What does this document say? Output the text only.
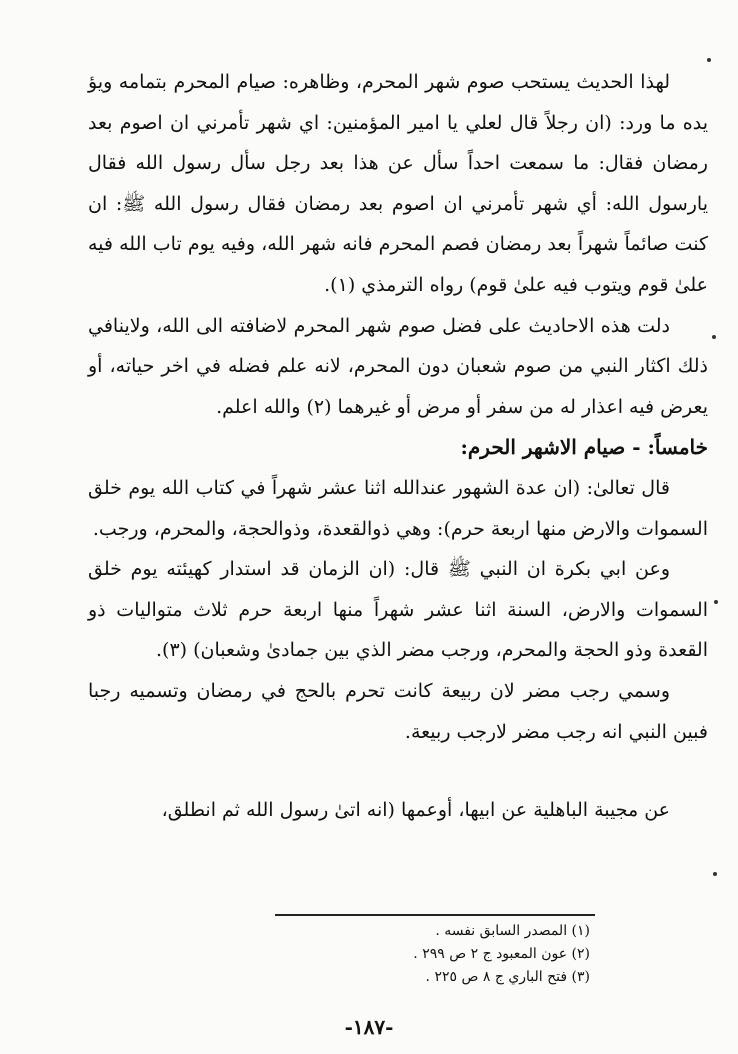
لهذا الحديث يستحب صوم شهر المحرم، وظاهره: صيام المحرم بتمامه ويؤ يده ما ورد: (ان رجلاً قال لعلي يا امير المؤمنين: اي شهر تأمرني ان اصوم بعد رمضان فقال: ما سمعت احداً سأل عن هذا بعد رجل سأل رسول الله فقال يارسول الله: أي شهر تأمرني ان اصوم بعد رمضان فقال رسول الله ﷺ: ان كنت صائماً شهراً بعد رمضان فصم المحرم فانه شهر الله، وفيه يوم تاب الله فيه علىٰ قوم ويتوب فيه علىٰ قوم) رواه الترمذي (١).

دلت هذه الاحاديث على فضل صوم شهر المحرم لاضافته الى الله، ولاينافي ذلك اكثار النبي من صوم شعبان دون المحرم، لانه علم فضله في اخر حياته، أو يعرض فيه اعذار له من سفر أو مرض أو غيرهما (٢) والله اعلم.

خامساً: - صيام الاشهر الحرم:

قال تعالىٰ: (ان عدة الشهور عندالله اثنا عشر شهراً في كتاب الله يوم خلق السموات والارض منها اربعة حرم): وهي ذوالقعدة، وذوالحجة، والمحرم، ورجب.

وعن ابي بكرة ان النبي ﷺ قال: (ان الزمان قد استدار كهيئته يوم خلق السموات والارض، السنة اثنا عشر شهراً منها اربعة حرم ثلاث متواليات ذو القعدة وذو الحجة والمحرم، ورجب مضر الذي بين جمادىٰ وشعبان) (٣).

وسمي رجب مضر لان ربيعة كانت تحرم بالحج في رمضان وتسميه رجبا فبين النبي انه رجب مضر لارجب ربيعة.

عن مجيبة الباهلية عن ابيها، أوعمها (انه اتىٰ رسول الله ثم انطلق،

(١) المصدر السابق نفسه .
(٢) عون المعبود ج ٢ ص ٢٩٩ .
(٣) فتح الباري ج ٨ ص ٢٢٥ .
-١٨٧-
